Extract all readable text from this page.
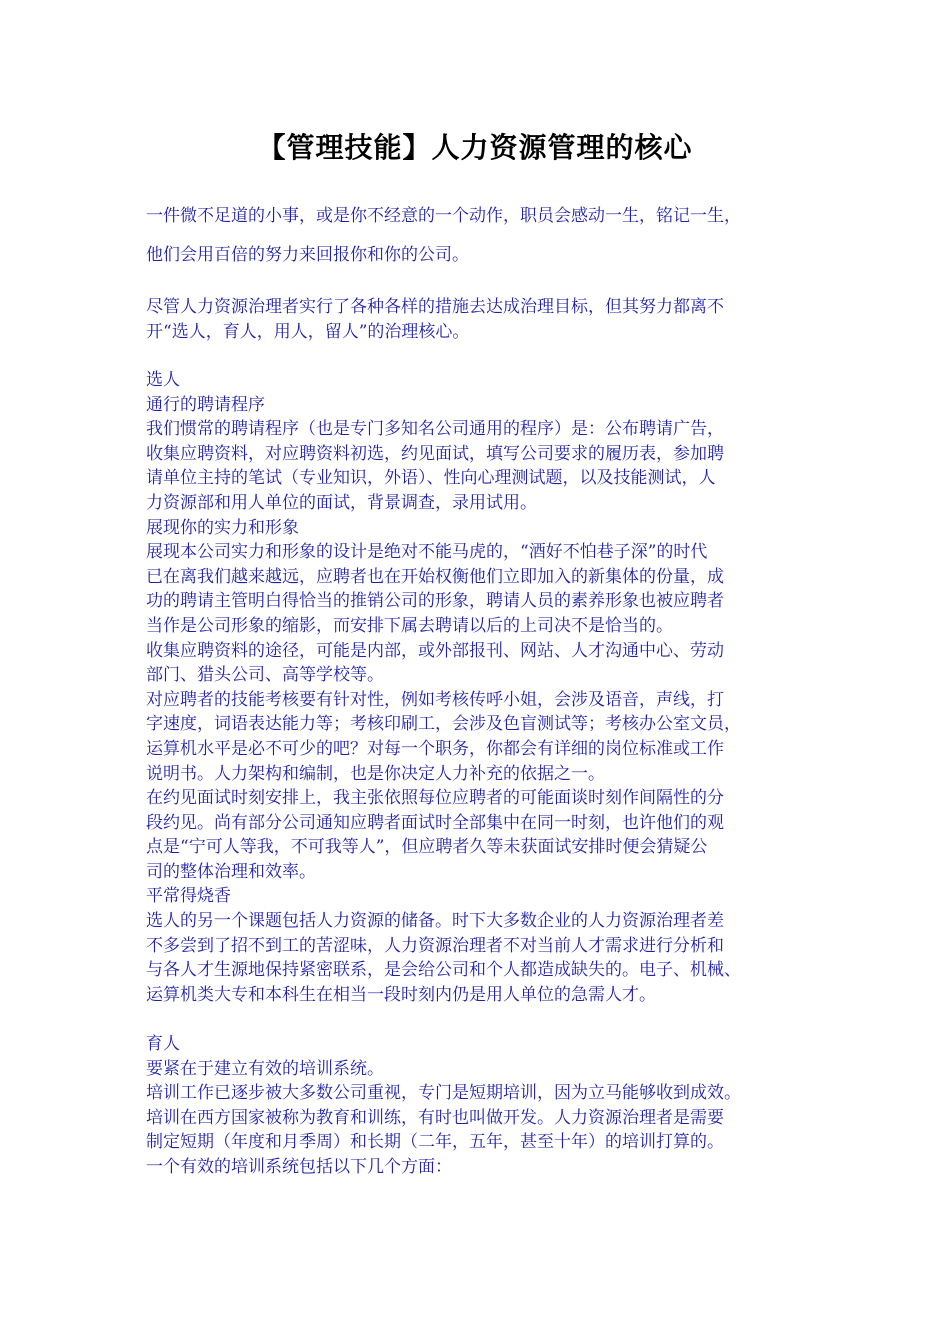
【管理技能】人力资源管理的核心

一件微不足道的小事，或是你不经意的一个动作，职员会感动一生，铭记一生，

他们会用百倍的努力来回报你和你的公司。

尽管人力资源治理者实行了各种各样的措施去达成治理目标，但其努力都离不

开“选人，育人，用人，留人”的治理核心。

选人

通行的聘请程序

我们惯常的聘请程序（也是专门多知名公司通用的程序）是：公布聘请广告，

收集应聘资料，对应聘资料初选，约见面试，填写公司要求的履历表，参加聘

请单位主持的笔试（专业知识，外语）、性向心理测试题，以及技能测试，人

力资源部和用人单位的面试，背景调查，录用试用。

展现你的实力和形象

展现本公司实力和形象的设计是绝对不能马虎的，“酒好不怕巷子深”的时代

已在离我们越来越远，应聘者也在开始权衡他们立即加入的新集体的份量，成

功的聘请主管明白得恰当的推销公司的形象，聘请人员的素养形象也被应聘者

当作是公司形象的缩影，而安排下属去聘请以后的上司决不是恰当的。

收集应聘资料的途径，可能是内部，或外部报刊、网站、人才沟通中心、劳动

部门、猎头公司、高等学校等。

对应聘者的技能考核要有针对性，例如考核传呼小姐，会涉及语音，声线，打

字速度，词语表达能力等；考核印刷工，会涉及色盲测试等；考核办公室文员，

运算机水平是必不可少的吧？对每一个职务，你都会有详细的岗位标准或工作

说明书。人力架构和编制，也是你决定人力补充的依据之一。

在约见面试时刻安排上，我主张依照每位应聘者的可能面谈时刻作间隔性的分

段约见。尚有部分公司通知应聘者面试时全部集中在同一时刻，也许他们的观

点是“宁可人等我，不可我等人”，但应聘者久等未获面试安排时便会猜疑公

司的整体治理和效率。

平常得烧香

选人的另一个课题包括人力资源的储备。时下大多数企业的人力资源治理者差

不多尝到了招不到工的苦涩味，人力资源治理者不对当前人才需求进行分析和

与各人才生源地保持紧密联系，是会给公司和个人都造成缺失的。电子、机械、

运算机类大专和本科生在相当一段时刻内仍是用人单位的急需人才。

育人

要紧在于建立有效的培训系统。

培训工作已逐步被大多数公司重视，专门是短期培训，因为立马能够收到成效。

培训在西方国家被称为教育和训练，有时也叫做开发。人力资源治理者是需要

制定短期（年度和月季周）和长期（二年，五年，甚至十年）的培训打算的。

一个有效的培训系统包括以下几个方面：
